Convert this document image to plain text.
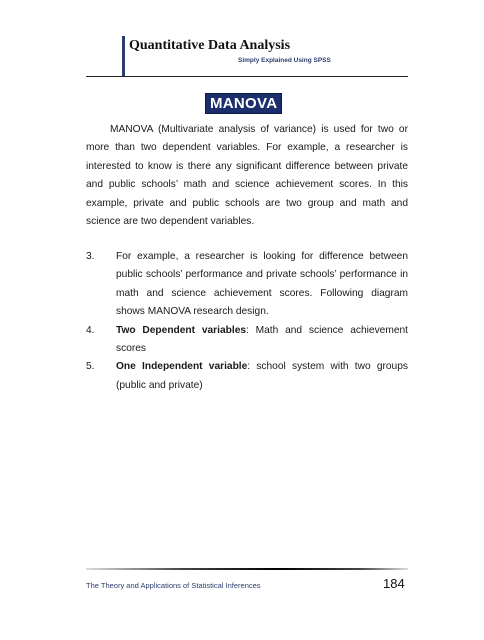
Quantitative Data Analysis
Simply Explained Using SPSS
MANOVA
MANOVA (Multivariate analysis of variance) is used for two or more than two dependent variables. For example, a researcher is interested to know is there any significant difference between private and public schools’ math and science achievement scores. In this example, private and public schools are two group and math and science are two dependent variables.
3. For example, a researcher is looking for difference between public schools’ performance and private schools’ performance in math and science achievement scores. Following diagram shows MANOVA research design.
4. Two Dependent variables: Math and science achievement scores
5. One Independent variable: school system with two groups (public and private)
The Theory and Applications of Statistical Inferences	184
